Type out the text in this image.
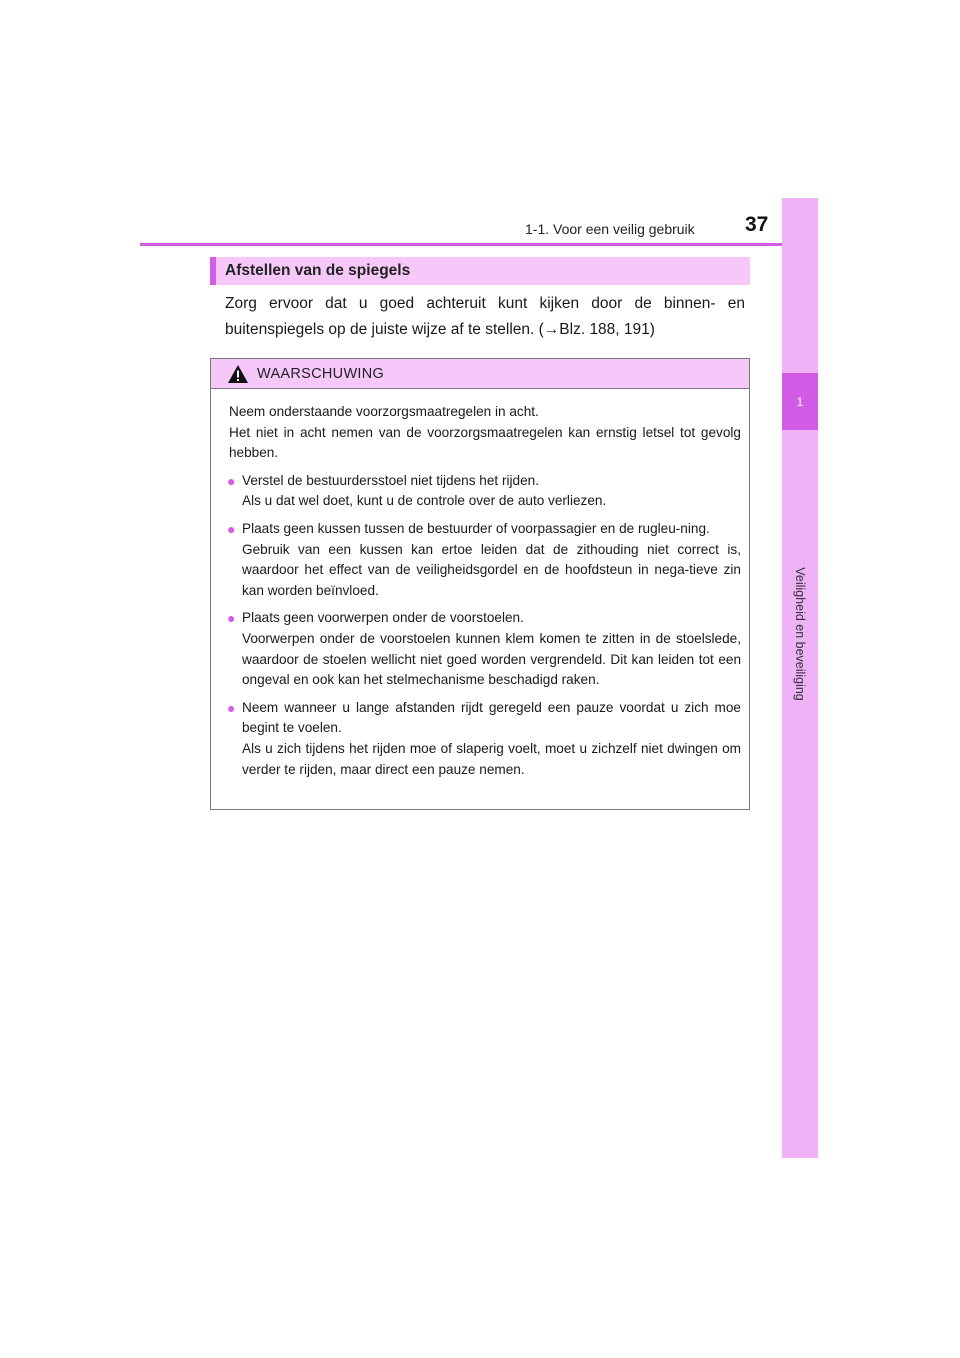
1-1. Voor een veilig gebruik 37
1
Veiligheid en beveiliging
Afstellen van de spiegels
Zorg ervoor dat u goed achteruit kunt kijken door de binnen- en buitenspiegels op de juiste wijze af te stellen. (→Blz. 188, 191)
WAARSCHUWING

Neem onderstaande voorzorgsmaatregelen in acht.

Het niet in acht nemen van de voorzorgsmaatregelen kan ernstig letsel tot gevolg hebben.

● Verstel de bestuurdersstoel niet tijdens het rijden.
Als u dat wel doet, kunt u de controle over de auto verliezen.
● Plaats geen kussen tussen de bestuurder of voorpassagier en de rugleu-ning.
Gebruik van een kussen kan ertoe leiden dat de zithouding niet correct is, waardoor het effect van de veiligheidsgordel en de hoofdsteun in nega-tieve zin kan worden beïnvloed.
● Plaats geen voorwerpen onder de voorstoelen.
Voorwerpen onder de voorstoelen kunnen klem komen te zitten in de stoelslede, waardoor de stoelen wellicht niet goed worden vergrendeld. Dit kan leiden tot een ongeval en ook kan het stelmechanisme beschadigd raken.
● Neem wanneer u lange afstanden rijdt geregeld een pauze voordat u zich moe begint te voelen.
Als u zich tijdens het rijden moe of slaperig voelt, moet u zichzelf niet dwingen om verder te rijden, maar direct een pauze nemen.
